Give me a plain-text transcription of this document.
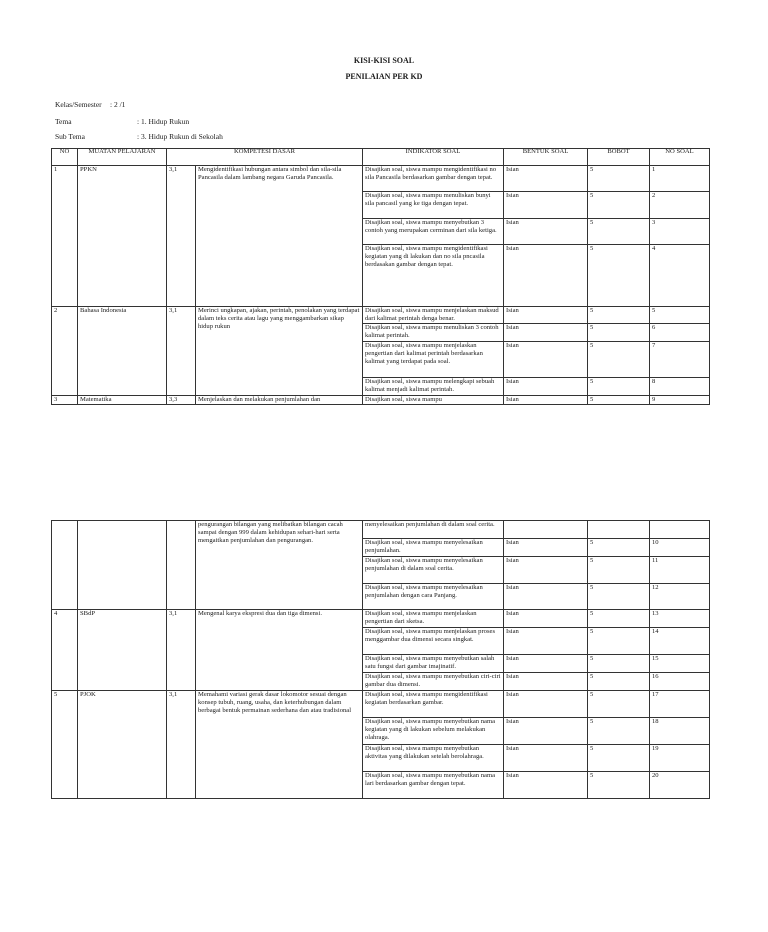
KISI-KISI SOAL
PENILAIAN PER KD
Kelas/Semester : 2 /1
Tema	: 1. Hidup Rukun
Sub Tema	: 3. Hidup Rukun di Sekolah
NO	MUATAN PELAJARAN	KOMPETESI DASAR		INDIKATOR SOAL	BENTUK SOAL	BOBOT	NO SOAL
1	PPKN	3,1	Mengidentifikasi hubungan antara simbol dan sila-sila Pancasila dalam lambang negara Garuda Pancasila.	Disajikan soal, siswa mampu mengidentifikasi no sila Pancasila berdasarkan gambar dengan tepat.	Isian	5	1
				Disajikan soal, siswa mampu menuliskan bunyi sila pancasil yang ke tiga dengan tepat.	Isian	5	2
				Disajikan soal, siswa mampu menyebutkan 3 contoh yang merupakan cerminan dari sila ketiga.	Isian	5	3
				Disajikan soal, siswa mampu mengidentifikasi kegiatan yang di lakukan dan no sila pncasila berdasakan gambar dengan tepat.	Isian	5	4
2	Bahasa Indonesia	3,1	Merinci ungkapan, ajakan, perintah, penolakan yang terdapat dalam teks cerita atau lagu yang menggambarkan sikap hidup rukun	Disajikan soal, siswa mampu menjelaskan maksud dari kalimat perintah denga benar.	Isian	5	5
				Disajikan soal, siswa mampu menuliskan 3 contoh kalimat perintah.	Isian	5	6
				Disajikan soal, siswa mampu menjelaskan pengertian dari kalimat perintah berdasarkan kalimat yang terdapat pada soal.	Isian	5	7
				Disajikan soal, siswa mampu melengkapi sebuah kalimat menjadi kalimat perintah.	Isian	5	8
3	Matematika	3,3	Menjelaskan dan melakukan penjumlahan dan	Disajikan soal, siswa mampu	Isian	5	9
			pengurangan bilangan yang melibatkan bilangan cacah sampai dengan 999 dalam kehidupan sehari-hari serta mengaitkan penjumlahan dan pengurangan.	menyelesaikan penjumlahan di dalam soal cerita.			
				Disajikan soal, siswa mampu menyelesaikan penjumlahan.	Isian	5	10
				Disajikan soal, siswa mampu menyelesaikan penjumlahan di dalam soal cerita.	Isian	5	11
				Disajikan soal, siswa mampu menyelesaikan penjumlahan dengan cara Panjang.	Isian	5	12
4	SBdP	3,1	Mengenal karya ekspresi dua dan tiga dimensi.	Disajikan soal, siswa mampu menjelaskan pengertian dari sketsa.	Isian	5	13
				Disajikan soal, siswa mampu menjelaskan proses menggambar dua dimensi secara singkat.	Isian	5	14
				Disajikan soal, siswa mampu menyebutkan salah satu fungsi dari gambar imajinatif.	Isian	5	15
				Disajikan soal, siswa mampu menyebutkan ciri-ciri gambar dua dimensi.	Isian	5	16
5	PJOK	3,1	Memahami variasi gerak dasar lokomotor sesuai dengan konsep tubuh, ruang, usaha, dan keterhubungan dalam berbagai bentuk permainan sederhana dan atau tradisional	Disajikan soal, siswa mampu mengidentifikasi kegiatan berdasarkan gambar.	Isian	5	17
				Disajikan soal, siswa mampu menyebutkan nama kegiatan yang di lakukan sebelum melakukan olahraga.	Isian	5	18
				Disajikan soal, siswa mampu menyebutkan aktivitas yang dilakukan setelah berolahraga.	Isian	5	19
				Disajikan soal, siswa mampu menyebutkan nama lari berdasarkan gambar dengan tepat.	Isian	5	20
